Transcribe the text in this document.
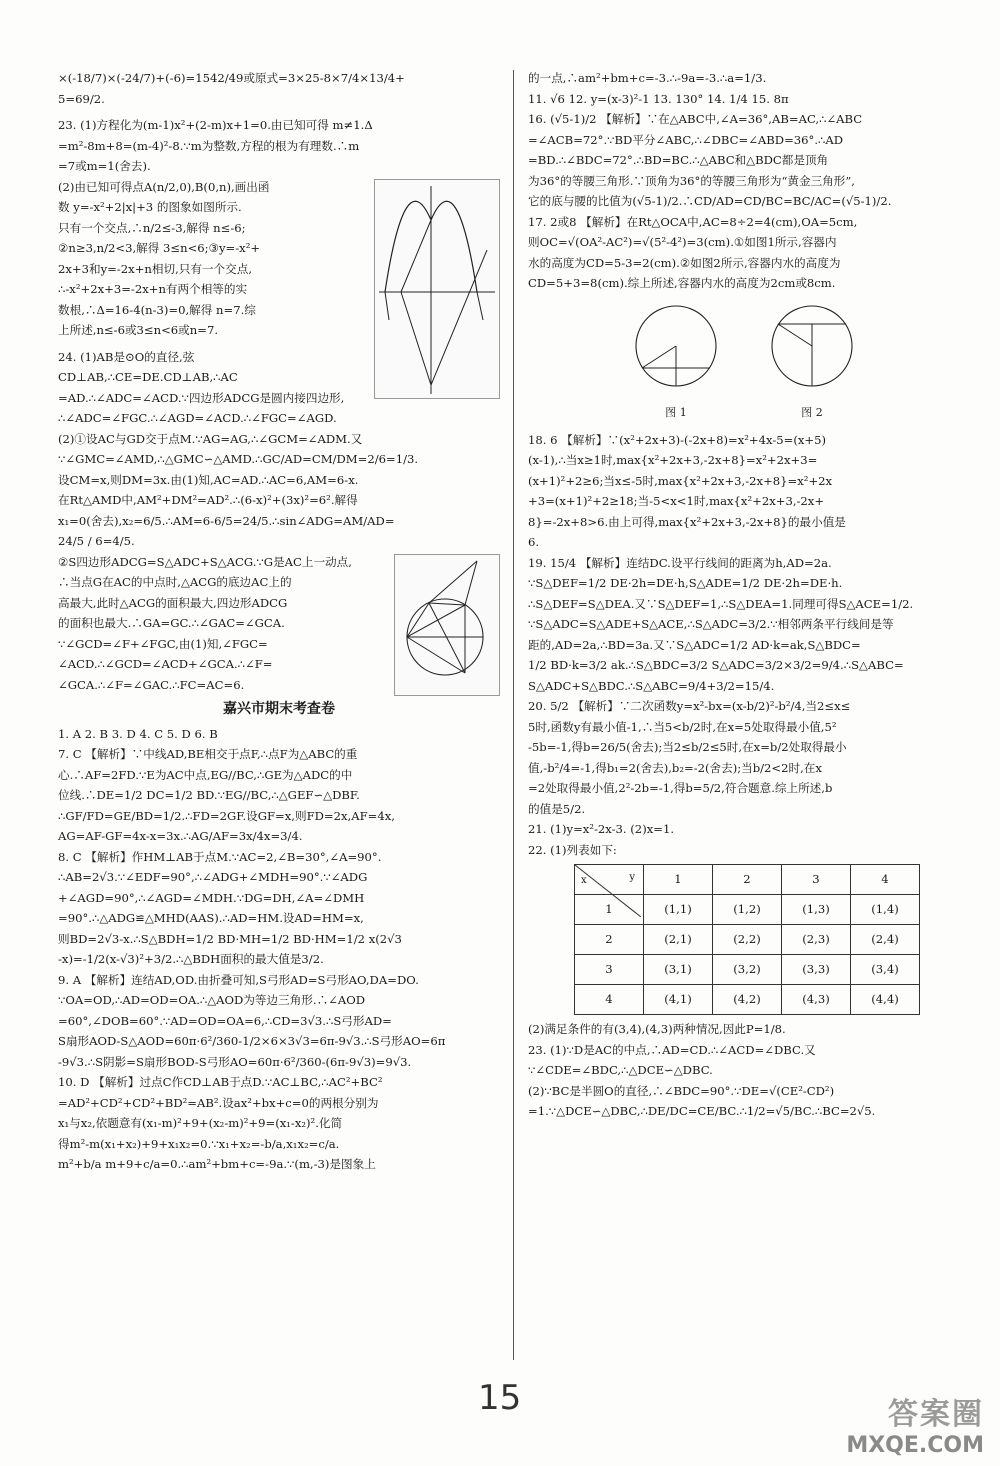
×(-18/7)×(-24/7)+(-6)=1542/49或原式=3×25-8×7/4×13/4+
5=69/2.
23. (1)方程化为(m-1)x²+(2-m)x+1=0.由已知可得 m≠1.Δ
=m²-8m+8=(m-4)²-8.∵m为整数,方程的根为有理数.∴m
=7或m=1(舍去).
(2)由已知可得点A(n/2,0),B(0,n),画出函
数 y=-x²+2|x|+3 的图象如图所示.
只有一个交点,∴n/2≤-3,解得 n≤-6;
②n≥3,n/2<3,解得 3≤n<6;③y=-x²+
2x+3和y=-2x+n相切,只有一个交点,
∴-x²+2x+3=-2x+n有两个相等的实
数根,∴Δ=16-4(n-3)=0,解得 n=7.综
上所述,n≤-6或3≤n<6或n=7.
24. (1)AB是⊙O的直径,弦CD⊥AB,∴CE=DE.CD⊥AB,∴AC
=AD.∴∠ADC=∠ACD.∵四边形ADCG是圆内接四边形,
∴∠ADC=∠FGC.∴∠AGD=∠ACD.∴∠FGC=∠AGD.
(2)①设AC与GD交于点M.∵AG=AG,∴∠GCM=∠ADM.又
∵∠GMC=∠AMD,∴△GMC∽△AMD.∴GC/AD=CM/DM=2/6=1/3.
设CM=x,则DM=3x.由(1)知,AC=AD.∴AC=6,AM=6-x.
在Rt△AMD中,AM²+DM²=AD².∴(6-x)²+(3x)²=6².解得
x₁=0(舍去),x₂=6/5.∴AM=6-6/5=24/5.∴sin∠ADG=AM/AD=
24/5 / 6=4/5.
②S四边形ADCG=S△ADC+S△ACG.∵G是AC上一动点,
∴当点G在AC的中点时,△ACG的底边AC上的
高最大,此时△ACG的面积最大,四边形ADCG
的面积也最大.∴GA=GC.∴∠GAC=∠GCA.
∵∠GCD=∠F+∠FGC,由(1)知,∠FGC=
∠ACD.∴∠GCD=∠ACD+∠GCA.∴∠F=
∠GCA.∴∠F=∠GAC.∴FC=AC=6.
嘉兴市期末考查卷
1. A 2. B 3. D 4. C 5. D 6. B
7. C 【解析】∵中线AD,BE相交于点F,∴点F为△ABC的重
心.∴AF=2FD.∵E为AC中点,EG//BC,∴GE为△ADC的中
位线.∴DE=1/2 DC=1/2 BD.∵EG//BC,∴△GEF∽△DBF.
∴GF/FD=GE/BD=1/2.∴FD=2GF.设GF=x,则FD=2x,AF=4x,
AG=AF-GF=4x-x=3x.∴AG/AF=3x/4x=3/4.
8. C 【解析】作HM⊥AB于点M.∵AC=2,∠B=30°,∠A=90°.
∴AB=2√3.∵∠EDF=90°,∴∠ADG+∠MDH=90°.∵∠ADG
+∠AGD=90°,∴∠AGD=∠MDH.∵DG=DH,∠A=∠DMH
=90°.∴△ADG≌△MHD(AAS).∴AD=HM.设AD=HM=x,
则BD=2√3-x.∴S△BDH=1/2 BD·MH=1/2 BD·HM=1/2 x(2√3
-x)=-1/2(x-√3)²+3/2.∴△BDH面积的最大值是3/2.
9. A 【解析】连结AD,OD.由折叠可知,S弓形AD=S弓形AO,DA=DO.
∵OA=OD,∴AD=OD=OA.∴△AOD为等边三角形.∴∠AOD
=60°,∠DOB=60°.∵AD=OD=OA=6,∴CD=3√3.∴S弓形AD=
S扇形AOD-S△AOD=60π·6²/360-1/2×6×3√3=6π-9√3.∴S弓形AO=6π
-9√3.∴S阴影=S扇形BOD-S弓形AO=60π·6²/360-(6π-9√3)=9√3.
10. D 【解析】过点C作CD⊥AB于点D.∵AC⊥BC,∴AC²+BC²
=AD²+CD²+CD²+BD²=AB².设ax²+bx+c=0的两根分别为
x₁与x₂,依题意有(x₁-m)²+9+(x₂-m)²+9=(x₁-x₂)².化简
得m²-m(x₁+x₂)+9+x₁x₂=0.∵x₁+x₂=-b/a,x₁x₂=c/a.
m²+b/a m+9+c/a=0.∴am²+bm+c=-9a.∵(m,-3)是图象上
的一点,∴am²+bm+c=-3.∴-9a=-3.∴a=1/3.
11. √6 12. y=(x-3)²-1 13. 130° 14. 1/4 15. 8π
16. (√5-1)/2 【解析】∵在△ABC中,∠A=36°,AB=AC,∴∠ABC
=∠ACB=72°.∵BD平分∠ABC,∴∠DBC=∠ABD=36°.∴AD
=BD.∴∠BDC=72°.∴BD=BC.∴△ABC和△BDC都是顶角
为36°的等腰三角形.∵顶角为36°的等腰三角形为“黄金三角形”,
它的底与腰的比值为(√5-1)/2.∴CD/AD=CD/BC=BC/AC=(√5-1)/2.
17. 2或8 【解析】在Rt△OCA中,AC=8÷2=4(cm),OA=5cm,
则OC=√(OA²-AC²)=√(5²-4²)=3(cm).①如图1所示,容器内
水的高度为CD=5-3=2(cm).②如图2所示,容器内水的高度为
CD=5+3=8(cm).综上所述,容器内水的高度为2cm或8cm.
图 1	图 2
18. 6 【解析】∵(x²+2x+3)-(-2x+8)=x²+4x-5=(x+5)
(x-1),∴当x≥1时,max{x²+2x+3,-2x+8}=x²+2x+3=
(x+1)²+2≥6;当x≤-5时,max{x²+2x+3,-2x+8}=x²+2x
+3=(x+1)²+2≥18;当-5<x<1时,max{x²+2x+3,-2x+
8}=-2x+8>6.由上可得,max{x²+2x+3,-2x+8}的最小值是
6.
19. 15/4 【解析】连结DC.设平行线间的距离为h,AD=2a.
∵S△DEF=1/2 DE·2h=DE·h,S△ADE=1/2 DE·2h=DE·h.
∴S△DEF=S△DEA.又∵S△DEF=1,∴S△DEA=1.同理可得S△ACE=1/2.
∵S△ADC=S△ADE+S△ACE,∴S△ADC=3/2.∵相邻两条平行线间是等
距的,AD=2a,∴BD=3a.又∵S△ADC=1/2 AD·k=ak,S△BDC=
1/2 BD·k=3/2 ak.∴S△BDC=3/2 S△ADC=3/2×3/2=9/4.∴S△ABC=
S△ADC+S△BDC.∴S△ABC=9/4+3/2=15/4.
20. 5/2 【解析】∵二次函数y=x²-bx=(x-b/2)²-b²/4,当2≤x≤
5时,函数y有最小值-1,∴当5<b/2时,在x=5处取得最小值,5²
-5b=-1,得b=26/5(舍去);当2≤b/2≤5时,在x=b/2处取得最小
值,-b²/4=-1,得b₁=2(舍去),b₂=-2(舍去);当b/2<2时,在x
=2处取得最小值,2²-2b=-1,得b=5/2,符合题意.综上所述,b
的值是5/2.
21. (1)y=x²-2x-3. (2)x=1.
22. (1)列表如下:
x y	1	2	3	4
1	(1,1)	(1,2)	(1,3)	(1,4)
2	(2,1)	(2,2)	(2,3)	(2,4)
3	(3,1)	(3,2)	(3,3)	(3,4)
4	(4,1)	(4,2)	(4,3)	(4,4)
(2)满足条件的有(3,4),(4,3)两种情况,因此P=1/8.
23. (1)∵D是AC的中点,∴AD=CD.∴∠ACD=∠DBC.又
∵∠CDE=∠BDC,∴△DCE∽△DBC.
(2)∵BC是半圆O的直径,∴∠BDC=90°.∵DE=√(CE²-CD²)
=1.∵△DCE∽△DBC,∴DE/DC=CE/BC.∴1/2=√5/BC.∴BC=2√5.
15	答案圈
MXQE.COM
